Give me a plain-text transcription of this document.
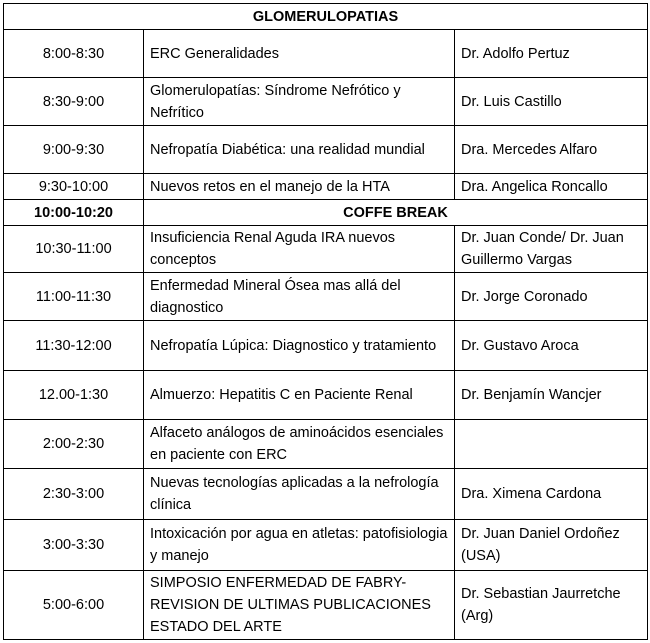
GLOMERULOPATIAS		
8:00-8:30	ERC Generalidades	Dr. Adolfo Pertuz
8:30-9:00	Glomerulopatías: Síndrome Nefrótico y Nefrítico	Dr. Luis Castillo
9:00-9:30	Nefropatía Diabética: una realidad mundial	Dra. Mercedes Alfaro
9:30-10:00	Nuevos retos en el manejo de la HTA	Dra. Angelica Roncallo
10:00-10:20	COFFE BREAK	
10:30-11:00	Insuficiencia Renal Aguda IRA nuevos conceptos	Dr. Juan Conde/ Dr. Juan Guillermo Vargas
11:00-11:30	Enfermedad Mineral Ósea mas allá del diagnostico	Dr. Jorge Coronado
11:30-12:00	Nefropatía Lúpica: Diagnostico y tratamiento	Dr. Gustavo Aroca
12.00-1:30	Almuerzo: Hepatitis C en Paciente Renal	Dr. Benjamín Wancjer
2:00-2:30	Alfaceto análogos de aminoácidos esenciales en paciente con ERC	
2:30-3:00	Nuevas tecnologías aplicadas a la nefrología clínica	Dra. Ximena Cardona
3:00-3:30	Intoxicación por agua en atletas: patofisiologia y manejo	Dr. Juan Daniel Ordoñez (USA)
5:00-6:00	SIMPOSIO ENFERMEDAD DE FABRY- REVISION DE ULTIMAS PUBLICACIONES ESTADO DEL ARTE	Dr. Sebastian Jaurretche (Arg)
